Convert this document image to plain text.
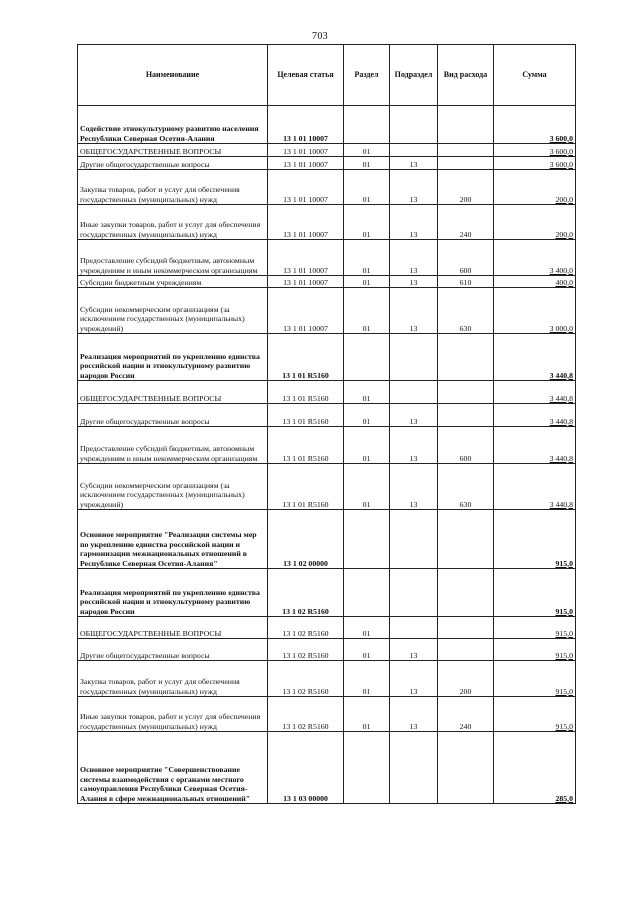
703
Наименование	Целевая статья	Раздел	Подраздел	Вид расхода	Сумма
Содействие этнокультурному развитию населения Республики Северная Осетия-Алания	13 1 01 10007				3 600,0
ОБЩЕГОСУДАРСТВЕННЫЕ ВОПРОСЫ	13 1 01 10007	01			3 600,0
Другие общегосударственные вопросы	13 1 01 10007	01	13		3 600,0
Закупка товаров, работ и услуг для обеспечения государственных (муниципальных) нужд	13 1 01 10007	01	13	200	200,0
Иные закупки товаров, работ и услуг для обеспечения государственных (муниципальных) нужд	13 1 01 10007	01	13	240	200,0
Предоставление субсидий бюджетным, автономным учреждениям и иным некоммерческим организациям	13 1 01 10007	01	13	600	3 400,0
Субсидии бюджетным учреждениям	13 1 01 10007	01	13	610	400,0
Субсидии некоммерческим организациям (за исключением государственных (муниципальных) учреждений)	13 1 01 10007	01	13	630	3 000,0
Реализация мероприятий по укреплению единства российской нации и этнокультурному развитию народов России	13 1 01 R5160				3 440,8
ОБЩЕГОСУДАРСТВЕННЫЕ ВОПРОСЫ	13 1 01 R5160	01			3 440,8
Другие общегосударственные вопросы	13 1 01 R5160	01	13		3 440,8
Предоставление субсидий бюджетным, автономным учреждениям и иным некоммерческим организациям	13 1 01 R5160	01	13	600	3 440,8
Субсидии некоммерческим организациям (за исключением государственных (муниципальных) учреждений)	13 1 01 R5160	01	13	630	3 440,8
Основное мероприятие "Реализация системы мер по укреплению единства российской нации и гармонизации межнациональных отношений в Республике Северная Осетия-Алания"	13 1 02 00000				915,0
Реализация мероприятий по укреплению единства российской нации и этнокультурному развитию народов России	13 1 02 R5160				915,0
ОБЩЕГОСУДАРСТВЕННЫЕ ВОПРОСЫ	13 1 02 R5160	01			915,0
Другие общегосударственные вопросы	13 1 02 R5160	01	13		915,0
Закупка товаров, работ и услуг для обеспечения государственных (муниципальных) нужд	13 1 02 R5160	01	13	200	915,0
Иные закупки товаров, работ и услуг для обеспечения государственных (муниципальных) нужд	13 1 02 R5160	01	13	240	915,0
Основное мероприятие "Совершенствование системы взаимодействия с органами местного самоуправления Республики Северная Осетия-Алания в сфере межнациональных отношений"	13 1 03 00000				285,0
